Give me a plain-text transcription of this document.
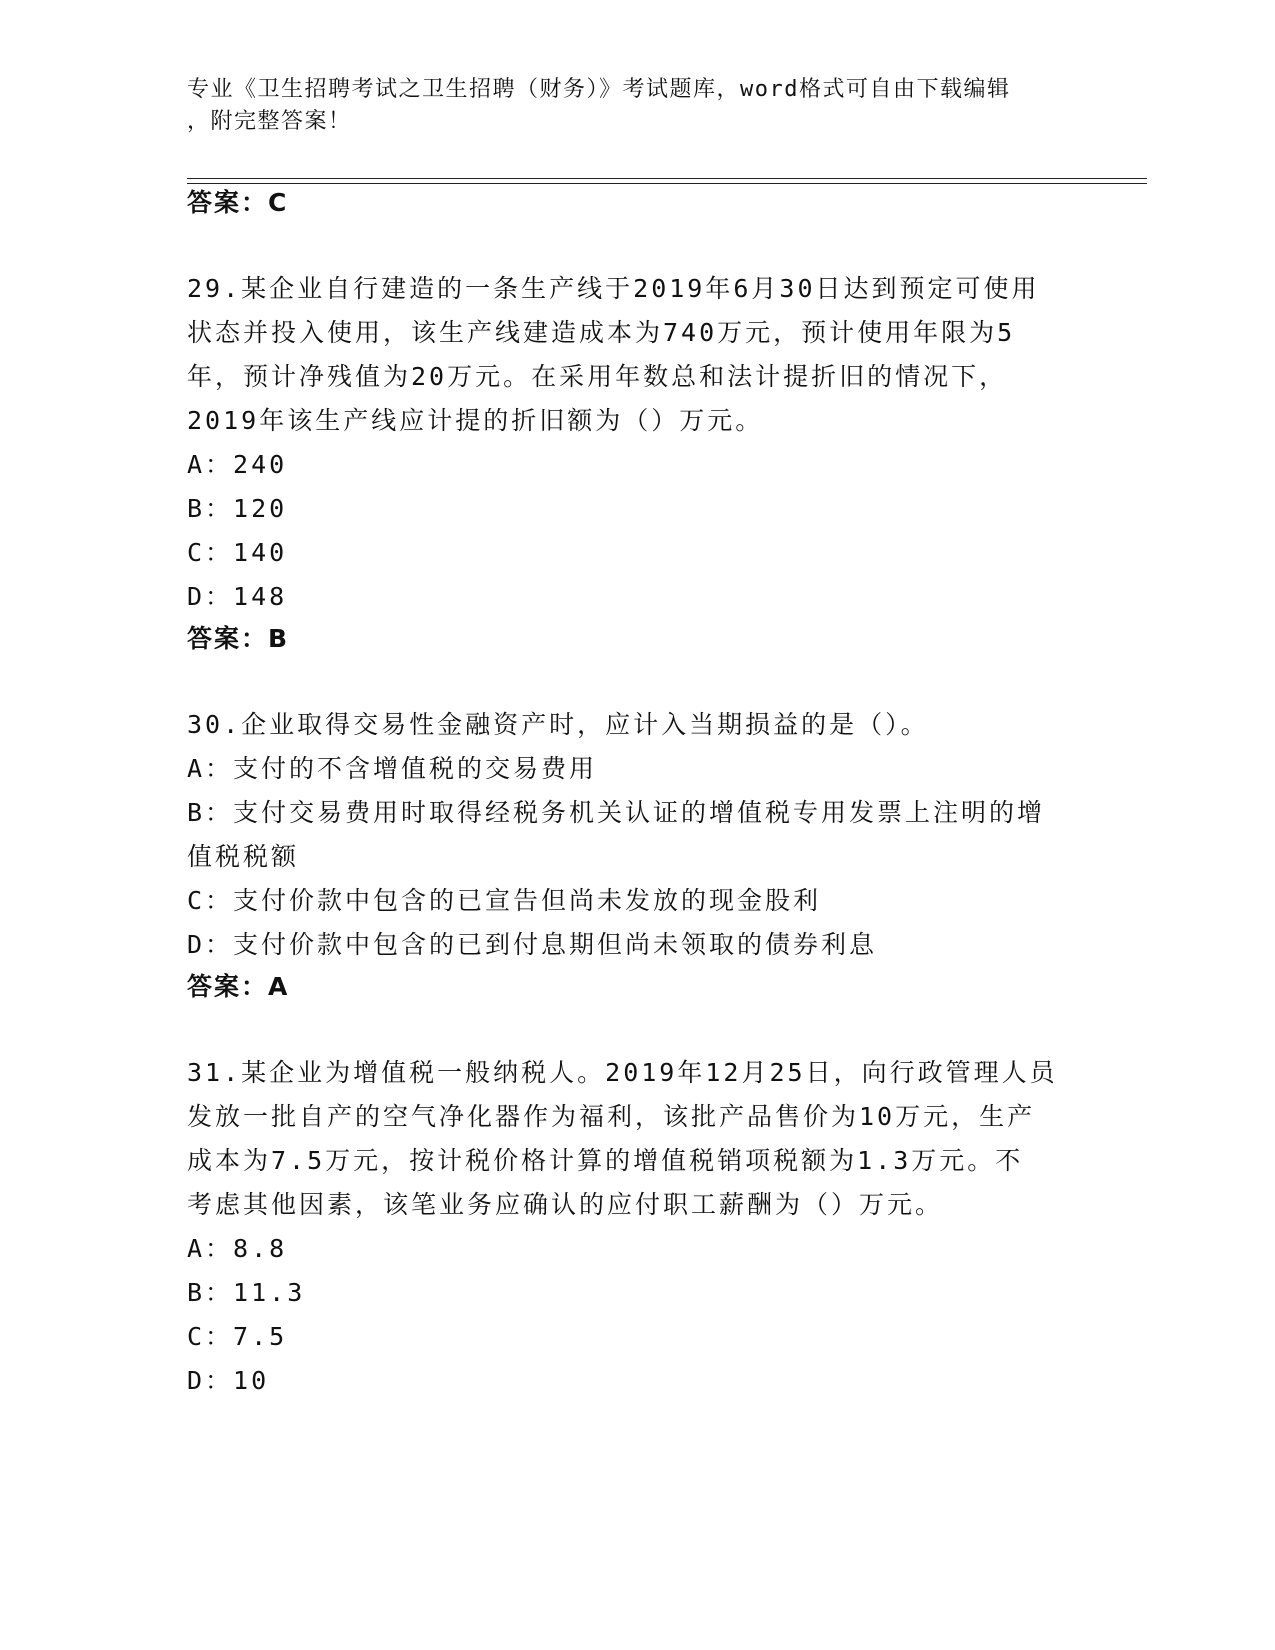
专业《卫生招聘考试之卫生招聘（财务）》考试题库，word格式可自由下载编辑
，附完整答案！
答案：C
29.某企业自行建造的一条生产线于2019年6月30日达到预定可使用
状态并投入使用，该生产线建造成本为740万元，预计使用年限为5
年，预计净残值为20万元。在采用年数总和法计提折旧的情况下，
2019年该生产线应计提的折旧额为（）万元。
A：240
B：120
C：140
D：148
答案：B
30.企业取得交易性金融资产时，应计入当期损益的是（）。
A：支付的不含增值税的交易费用
B：支付交易费用时取得经税务机关认证的增值税专用发票上注明的增
值税税额
C：支付价款中包含的已宣告但尚未发放的现金股利
D：支付价款中包含的已到付息期但尚未领取的债券利息
答案：A
31.某企业为增值税一般纳税人。2019年12月25日，向行政管理人员
发放一批自产的空气净化器作为福利，该批产品售价为10万元，生产
成本为7.5万元，按计税价格计算的增值税销项税额为1.3万元。不
考虑其他因素，该笔业务应确认的应付职工薪酬为（）万元。
A：8.8
B：11.3
C：7.5
D：10
